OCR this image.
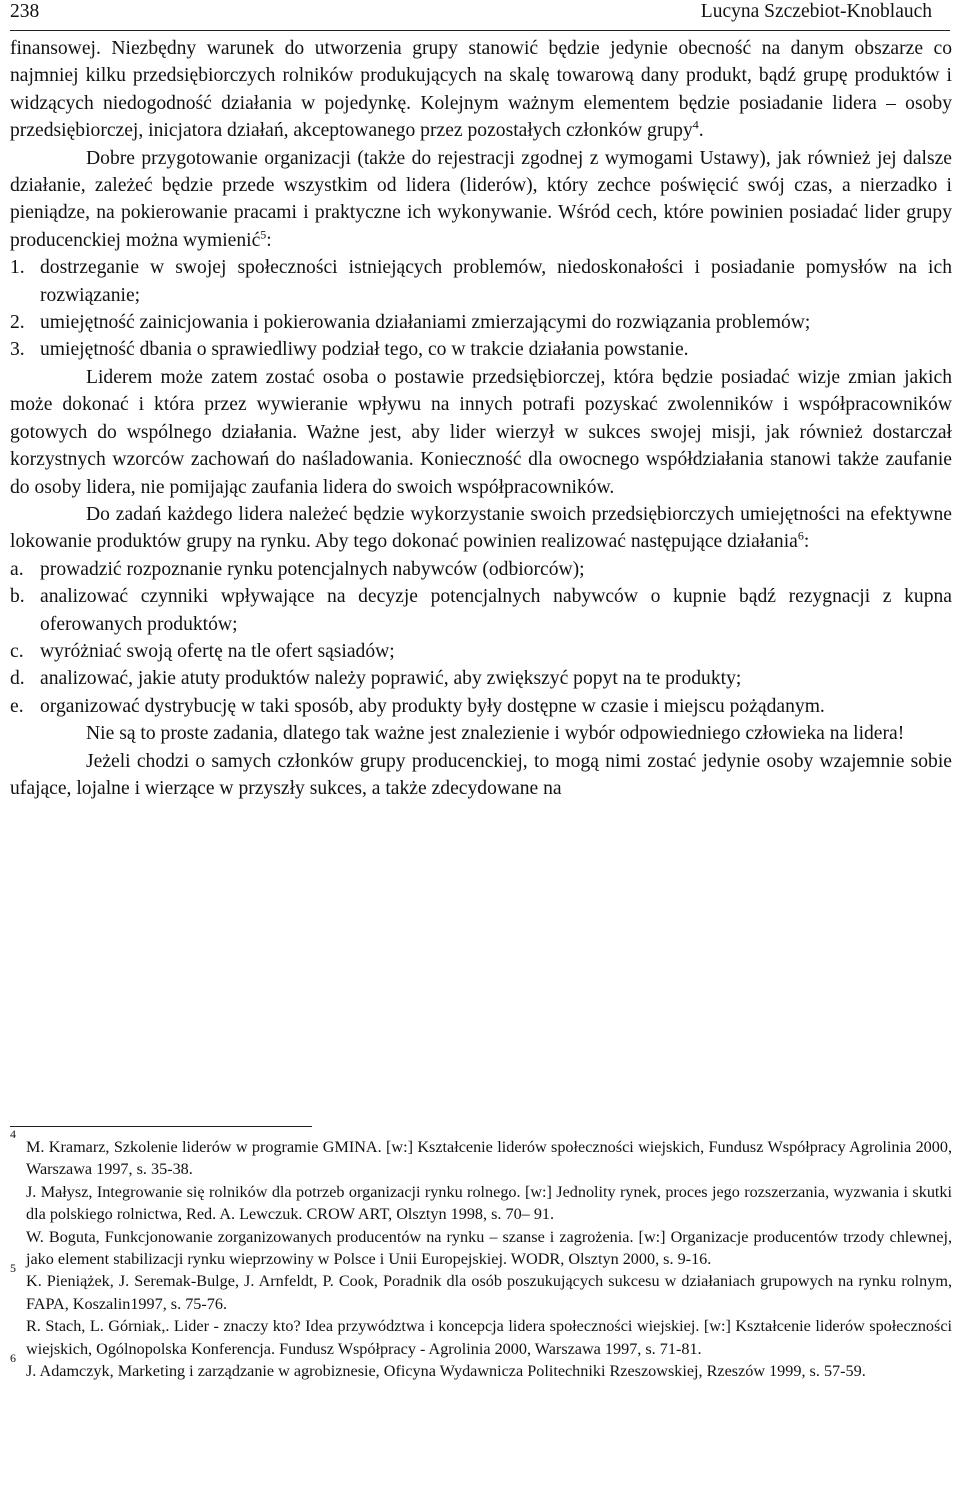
238	Lucyna Szczebiot-Knoblauch

finansowej. Niezbędny warunek do utworzenia grupy stanowić będzie jedynie obecność na danym obszarze co najmniej kilku przedsiębiorczych rolników produkujących na skalę towarową dany produkt, bądź grupę produktów i widzących niedogodność działania w pojedynkę. Kolejnym ważnym elementem będzie posiadanie lidera – osoby przedsiębiorczej, inicjatora działań, akceptowanego przez pozostałych członków grupy$^4$.

Dobre przygotowanie organizacji (także do rejestracji zgodnej z wymogami Ustawy), jak również jej dalsze działanie, zależeć będzie przede wszystkim od lidera (liderów), który zechce poświęcić swój czas, a nierzadko i pieniądze, na pokierowanie pracami i praktyczne ich wykonywanie. Wśród cech, które powinien posiadać lider grupy producenckiej można wymienić$^5$:

1. dostrzeganie w swojej społeczności istniejących problemów, niedoskonałości i posiadanie pomysłów na ich rozwiązanie;
2. umiejętność zainicjowania i pokierowania działaniami zmierzającymi do rozwiązania problemów;
3. umiejętność dbania o sprawiedliwy podział tego, co w trakcie działania powstanie.

Liderem może zatem zostać osoba o postawie przedsiębiorczej, która będzie posiadać wizje zmian jakich może dokonać i która przez wywieranie wpływu na innych potrafi pozyskać zwolenników i współpracowników gotowych do wspólnego działania. Ważne jest, aby lider wierzył w sukces swojej misji, jak również dostarczał korzystnych wzorców zachowań do naśladowania. Konieczność dla owocnego współdziałania stanowi także zaufanie do osoby lidera, nie pomijając zaufania lidera do swoich współpracowników.

Do zadań każdego lidera należeć będzie wykorzystanie swoich przedsiębiorczych umiejętności na efektywne lokowanie produktów grupy na rynku. Aby tego dokonać powinien realizować następujące działania$^6$:

a. prowadzić rozpoznanie rynku potencjalnych nabywców (odbiorców);
b. analizować czynniki wpływające na decyzje potencjalnych nabywców o kupnie bądź rezygnacji z kupna oferowanych produktów;
c. wyróżniać swoją ofertę na tle ofert sąsiadów;
d. analizować, jakie atuty produktów należy poprawić, aby zwiększyć popyt na te produkty;
e. organizować dystrybucję w taki sposób, aby produkty były dostępne w czasie i miejscu pożądanym.

Nie są to proste zadania, dlatego tak ważne jest znalezienie i wybór odpowiedniego człowieka na lidera!

Jeżeli chodzi o samych członków grupy producenckiej, to mogą nimi zostać jedynie osoby wzajemnie sobie ufające, lojalne i wierzące w przyszły sukces, a także zdecydowane na

4
M. Kramarz, Szkolenie liderów w programie GMINA. [w:] Kształcenie liderów społeczności wiejskich, Fundusz Współpracy Agrolinia 2000, Warszawa 1997, s. 35-38.
J. Małysz, Integrowanie się rolników dla potrzeb organizacji rynku rolnego. [w:] Jednolity rynek, proces jego rozszerzania, wyzwania i skutki dla polskiego rolnictwa, Red. A. Lewczuk. CROW ART, Olsztyn 1998, s. 70– 91.
W. Boguta, Funkcjonowanie zorganizowanych producentów na rynku – szanse i zagrożenia. [w:] Organizacje producentów trzody chlewnej, jako element stabilizacji rynku wieprzowiny w Polsce i Unii Europejskiej. WODR, Olsztyn 2000, s. 9-16.
5
K. Pieniążek, J. Seremak-Bulge, J. Arnfeldt, P. Cook, Poradnik dla osób poszukujących sukcesu w działaniach grupowych na rynku rolnym, FAPA, Koszalin1997, s. 75-76.
R. Stach, L. Górniak,. Lider - znaczy kto? Idea przywództwa i koncepcja lidera społeczności wiejskiej. [w:] Kształcenie liderów społeczności wiejskich, Ogólnopolska Konferencja. Fundusz Współpracy - Agrolinia 2000, Warszawa 1997, s. 71-81.
6
J. Adamczyk, Marketing i zarządzanie w agrobiznesie, Oficyna Wydawnicza Politechniki Rzeszowskiej, Rzeszów 1999, s. 57-59.
